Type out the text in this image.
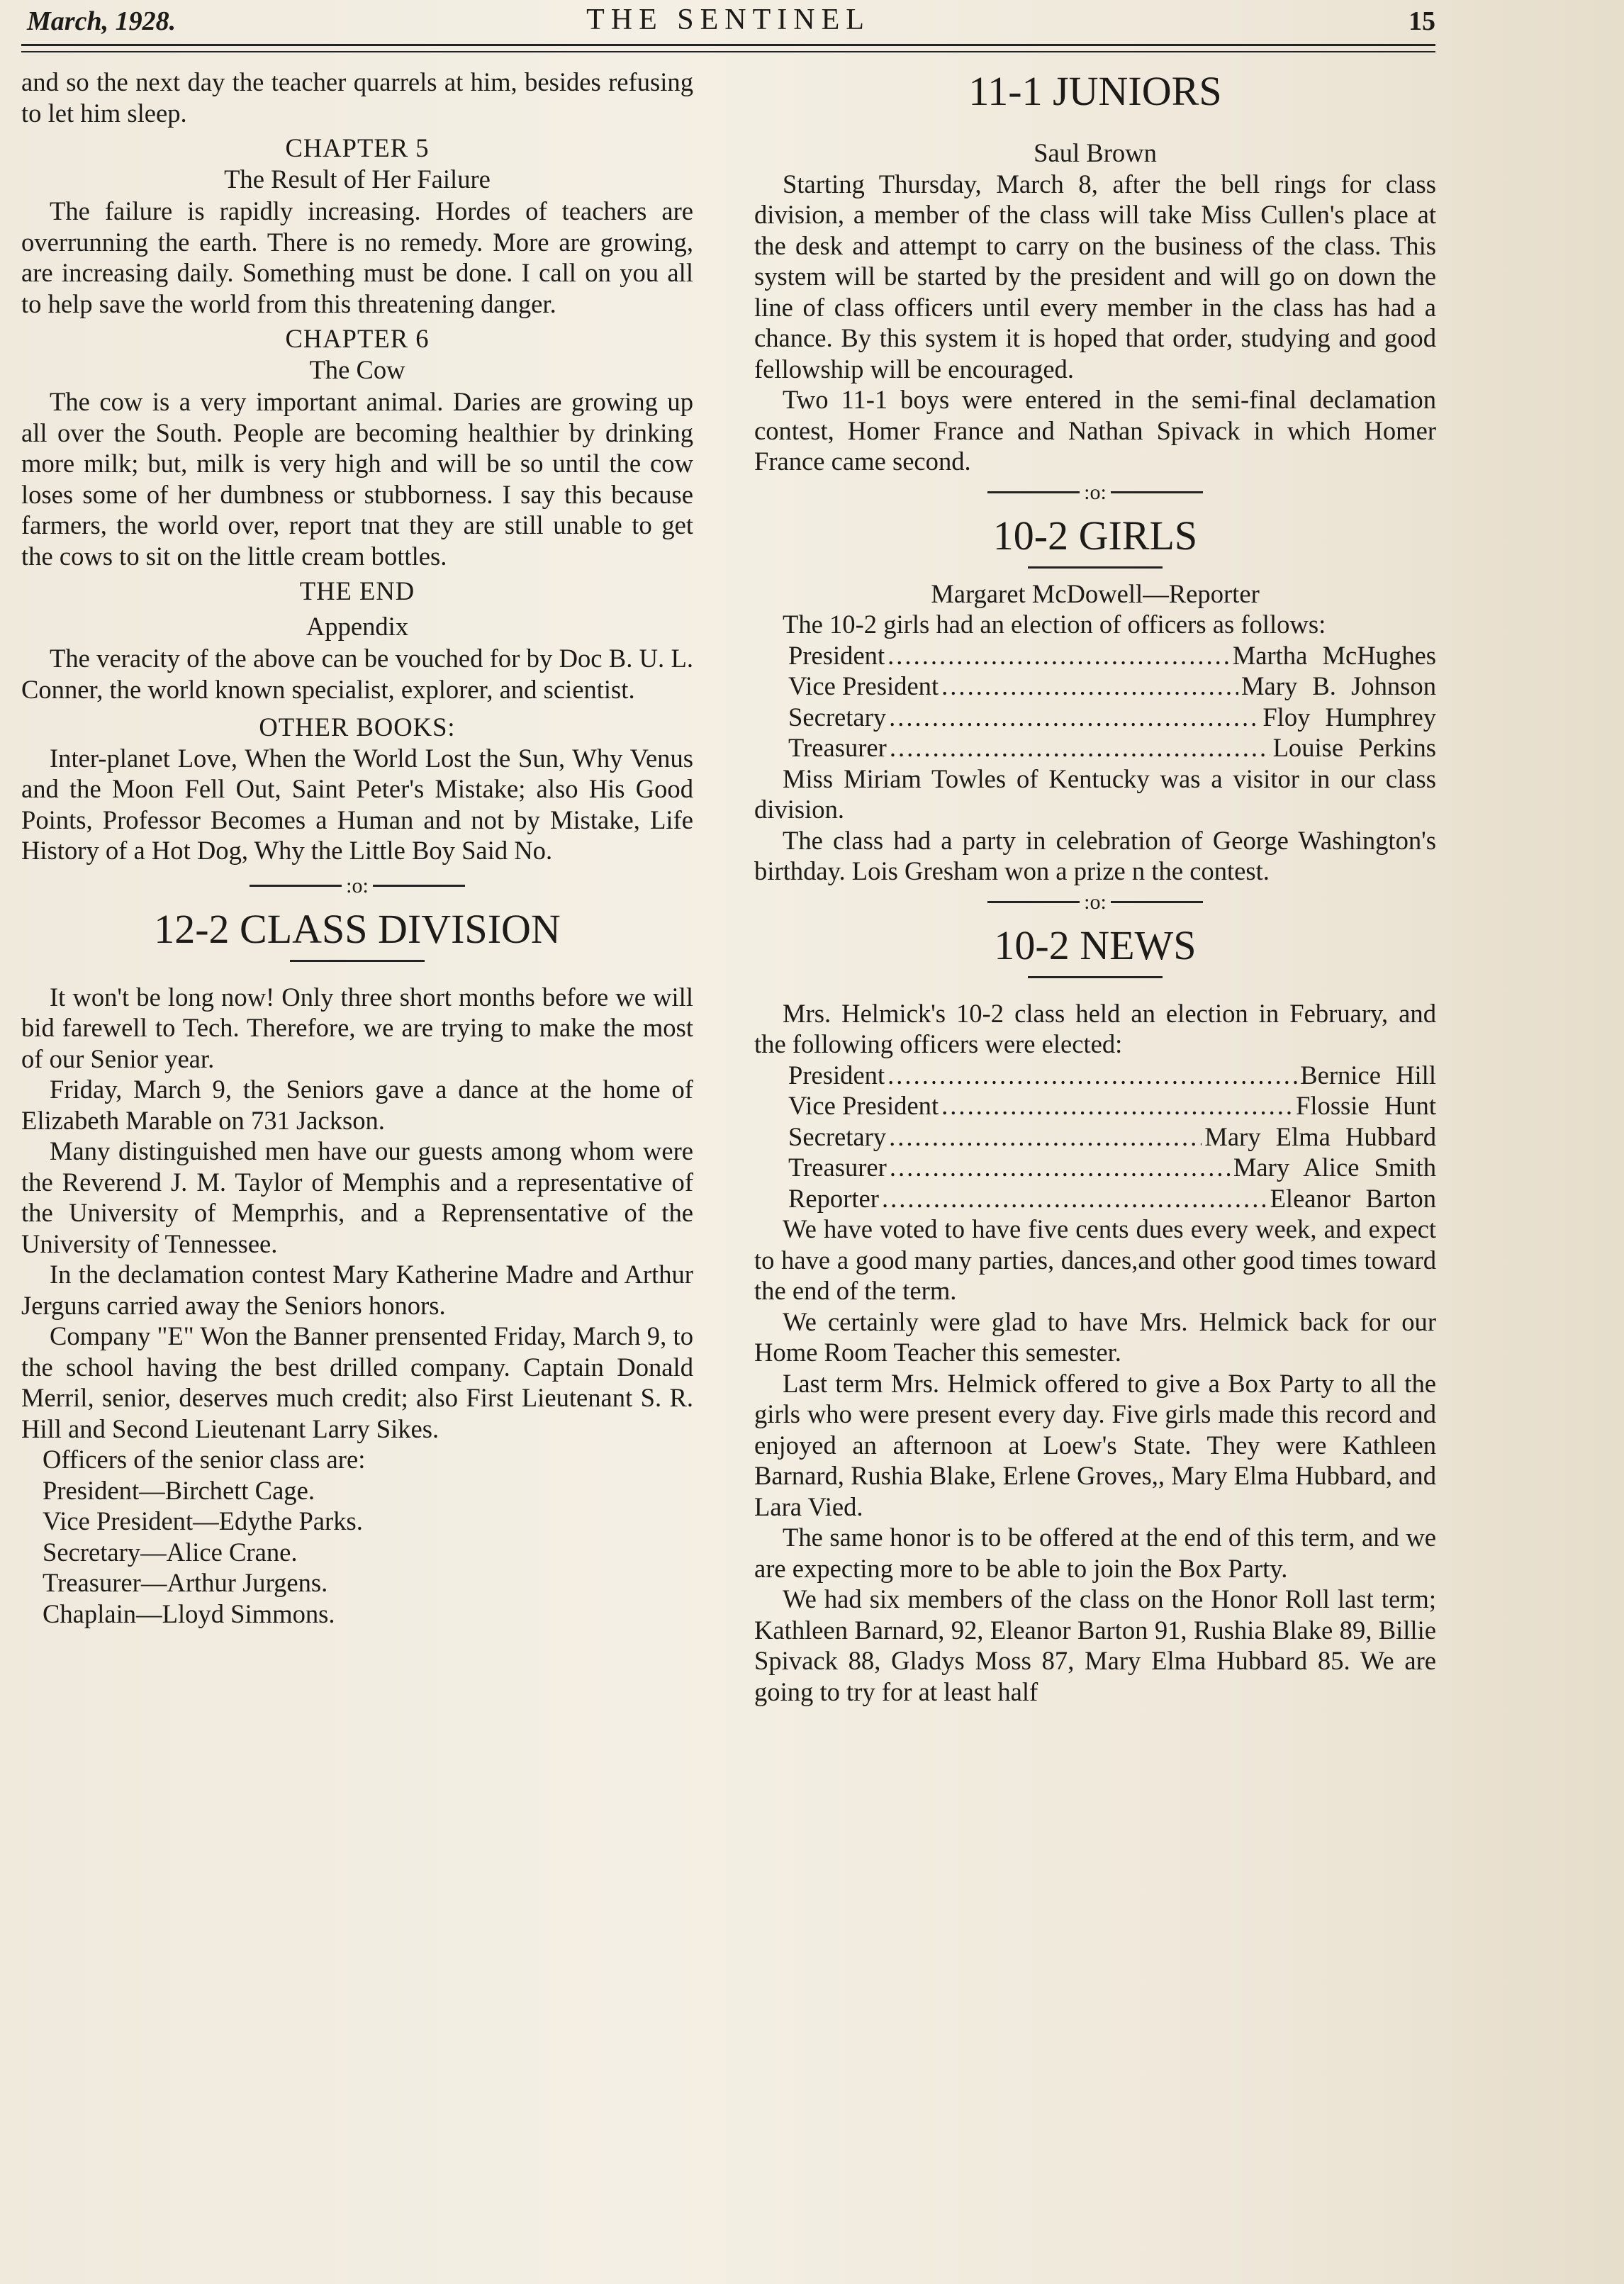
March, 1928.	THE SENTINEL	15

and so the next day the teacher quarrels at him, besides refusing to let him sleep.

CHAPTER 5
The Result of Her Failure

The failure is rapidly increasing. Hordes of teachers are overrunning the earth. There is no remedy. More are growing, are increasing daily. Something must be done. I call on you all to help save the world from this threatening danger.

CHAPTER 6
The Cow

The cow is a very important animal. Daries are growing up all over the South. People are becoming healthier by drinking more milk; but, milk is very high and will be so until the cow loses some of her dumbness or stubborness. I say this because farmers, the world over, report tnat they are still unable to get the cows to sit on the little cream bottles.

THE END
Appendix

The veracity of the above can be vouched for by Doc B. U. L. Conner, the world known specialist, explorer, and scientist.

OTHER BOOKS:

Inter-planet Love, When the World Lost the Sun, Why Venus and the Moon Fell Out, Saint Peter's Mistake; also His Good Points, Professor Becomes a Human and not by Mistake, Life History of a Hot Dog, Why the Little Boy Said No.

:o:
12-2 CLASS DIVISION

It won't be long now! Only three short months before we will bid farewell to Tech. Therefore, we are trying to make the most of our Senior year.

Friday, March 9, the Seniors gave a dance at the home of Elizabeth Marable on 731 Jackson.

Many distinguished men have our guests among whom were the Reverend J. M. Taylor of Memphis and a representative of the University of Memprhis, and a Reprensentative of the University of Tennessee.

In the declamation contest Mary Katherine Madre and Arthur Jerguns carried away the Seniors honors.

Company "E" Won the Banner prensented Friday, March 9, to the school having the best drilled company. Captain Donald Merril, senior, deserves much credit; also First Lieutenant S. R. Hill and Second Lieutenant Larry Sikes.

Officers of the senior class are:

President—Birchett Cage.

Vice President—Edythe Parks.

Secretary—Alice Crane.

Treasurer—Arthur Jurgens.

Chaplain—Lloyd Simmons.

11-1 JUNIORS
Saul Brown

Starting Thursday, March 8, after the bell rings for class division, a member of the class will take Miss Cullen's place at the desk and attempt to carry on the business of the class. This system will be started by the president and will go on down the line of class officers until every member in the class has had a chance. By this system it is hoped that order, studying and good fellowship will be encouraged.

Two 11-1 boys were entered in the semi-final declamation contest, Homer France and Nathan Spivack in which Homer France came second.

:o:
10-2 GIRLS
Margaret McDowell—Reporter

The 10-2 girls had an election of officers as follows:

President .....	Martha McHughes
Vice President .....	Mary B. Johnson
Secretary .....	Floy Humphrey
Treasurer .....	Louise Perkins

Miss Miriam Towles of Kentucky was a visitor in our class division.

The class had a party in celebration of George Washington's birthday. Lois Gresham won a prize n the contest.

:o:
10-2 NEWS

Mrs. Helmick's 10-2 class held an election in February, and the following officers were elected:

President .....	Bernice Hill
Vice President .....	Flossie Hunt
Secretary .....	Mary Elma Hubbard
Treasurer .....	Mary Alice Smith
Reporter .....	Eleanor Barton

We have voted to have five cents dues every week, and expect to have a good many parties, dances,and other good times toward the end of the term.

We certainly were glad to have Mrs. Helmick back for our Home Room Teacher this semester.

Last term Mrs. Helmick offered to give a Box Party to all the girls who were present every day. Five girls made this record and enjoyed an afternoon at Loew's State. They were Kathleen Barnard, Rushia Blake, Erlene Groves,, Mary Elma Hubbard, and Lara Vied.

The same honor is to be offered at the end of this term, and we are expecting more to be able to join the Box Party.

We had six members of the class on the Honor Roll last term; Kathleen Barnard, 92, Eleanor Barton 91, Rushia Blake 89, Billie Spivack 88, Gladys Moss 87, Mary Elma Hubbard 85. We are going to try for at least half
